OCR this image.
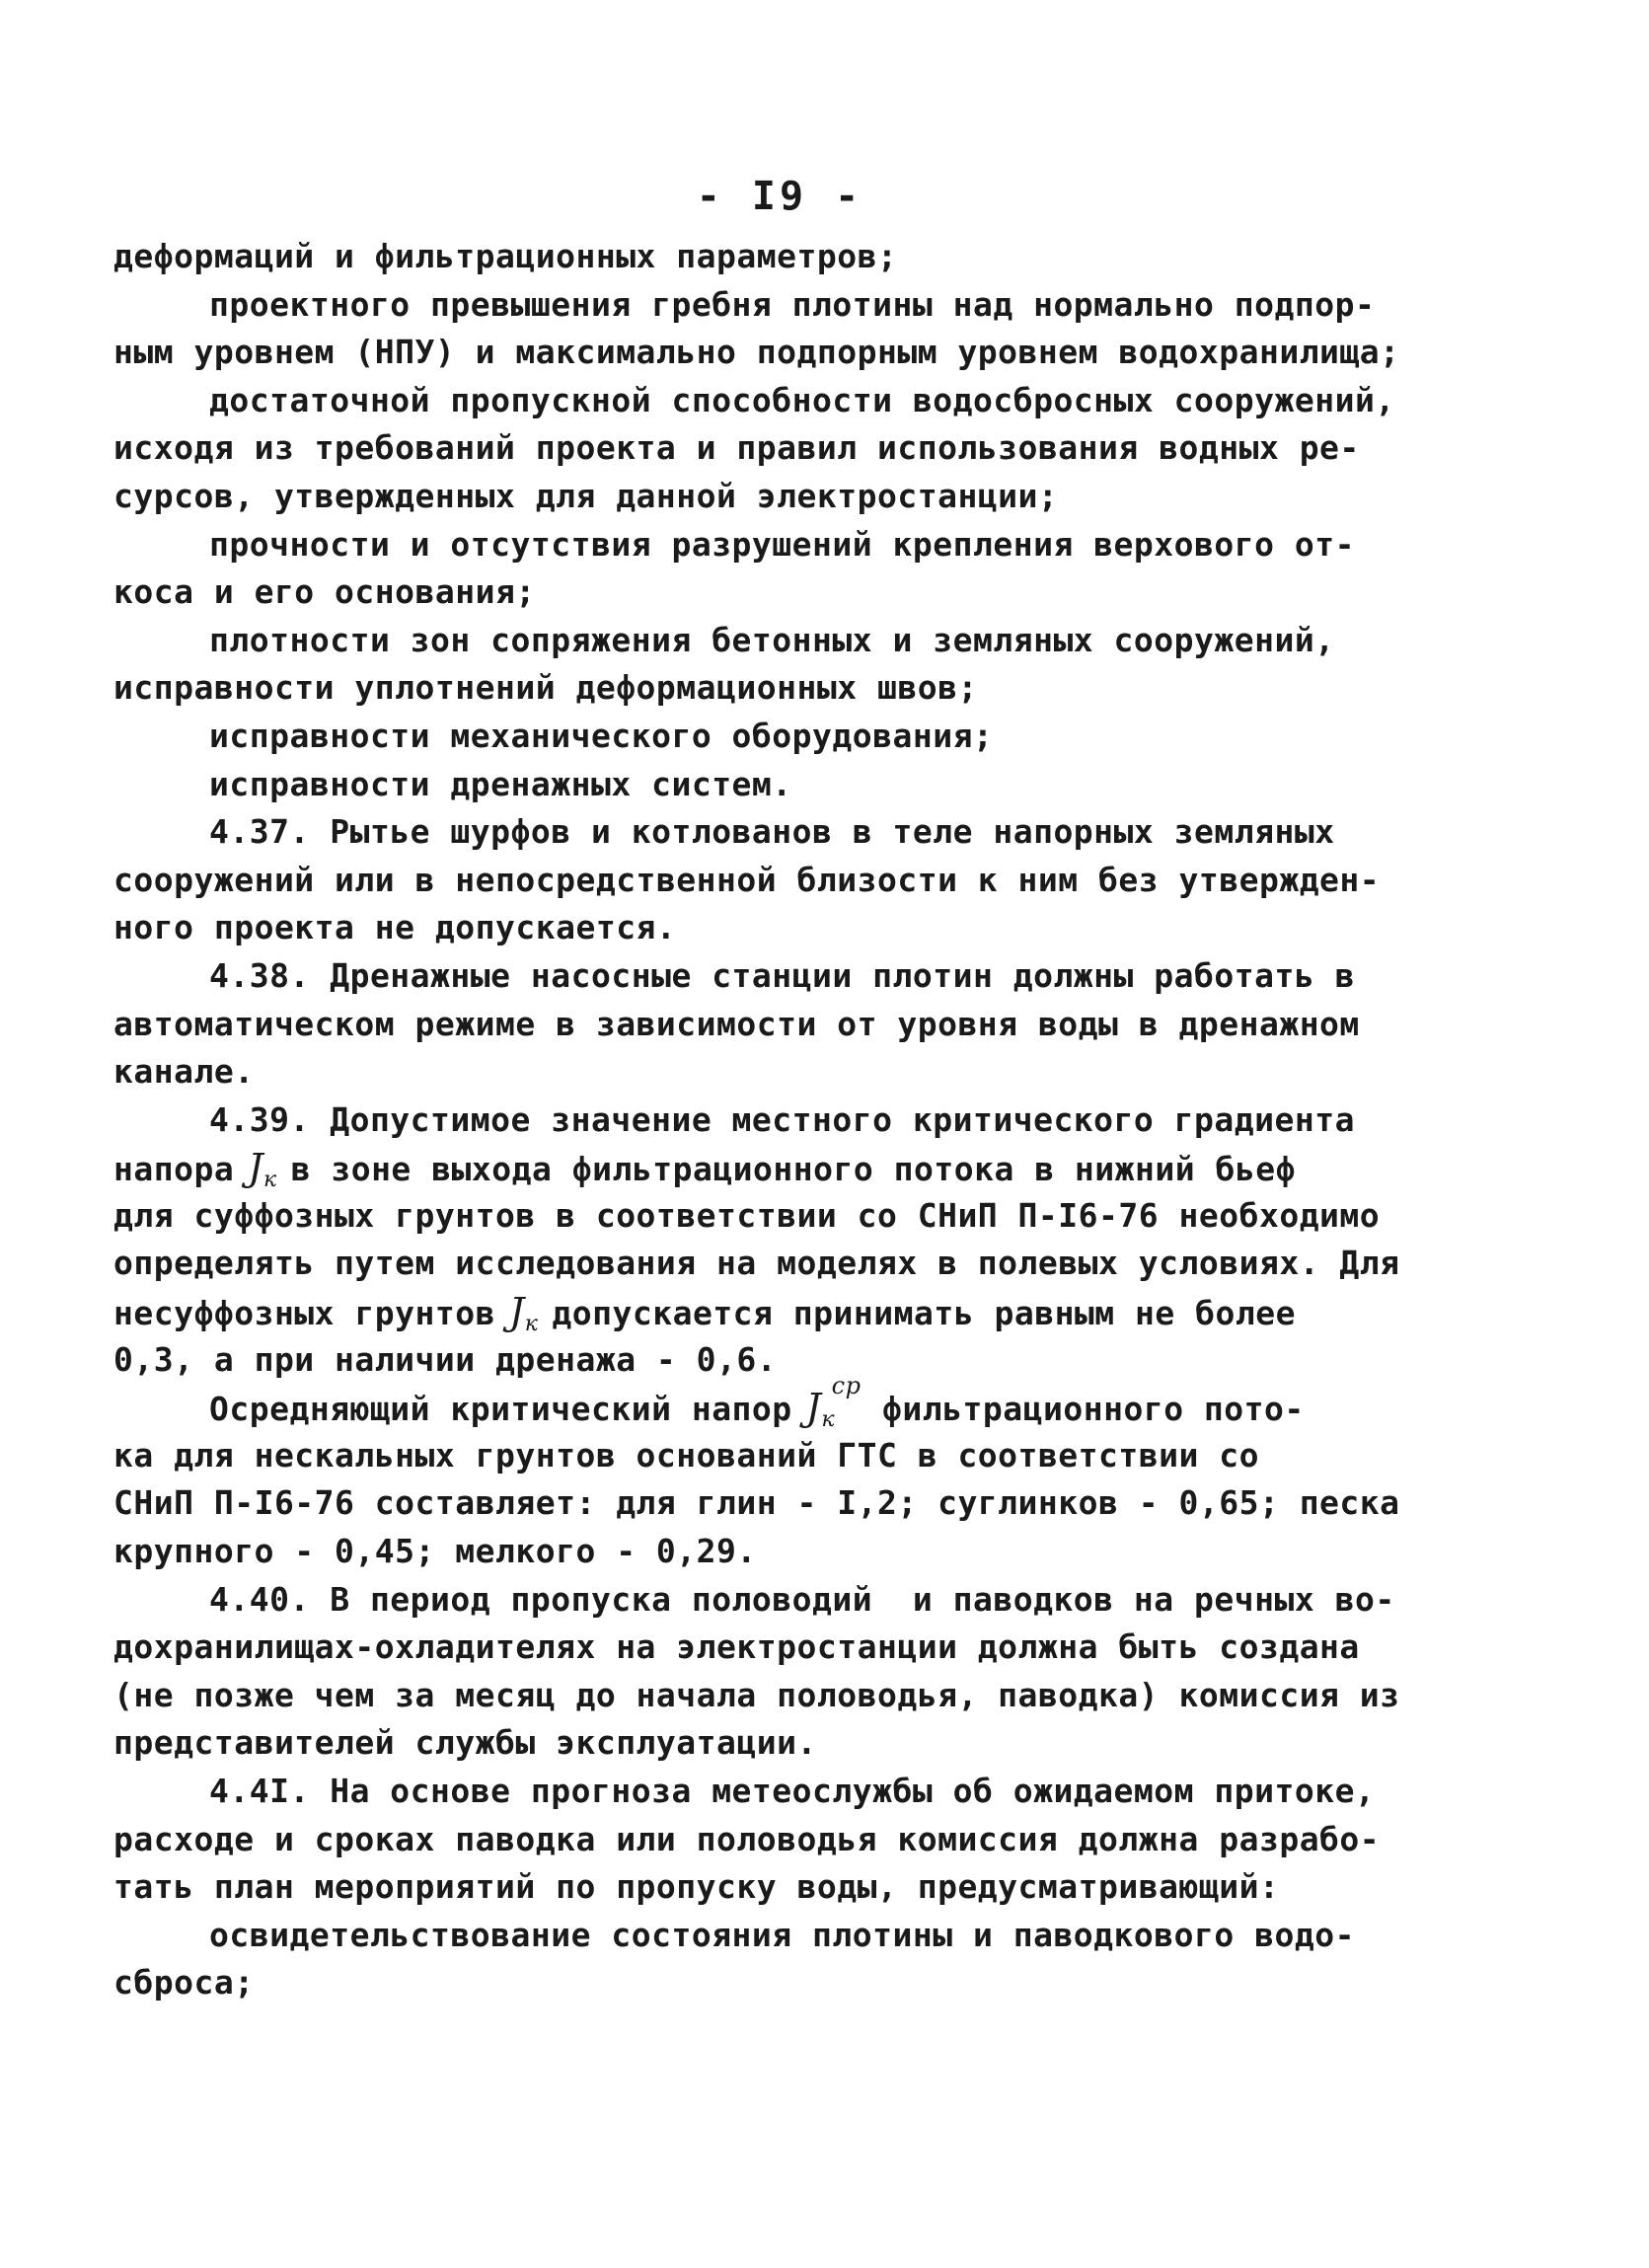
- I9 -
деформаций и фильтрационных параметров;
проектного превышения гребня плотины над нормально подпор-
ным уровнем (НПУ) и максимально подпорным уровнем водохранилища;
достаточной пропускной способности водосбросных сооружений,
исходя из требований проекта и правил использования водных ре-
сурсов, утвержденных для данной электростанции;
прочности и отсутствия разрушений крепления верхового от-
коса и его основания;
плотности зон сопряжения бетонных и земляных сооружений,
исправности уплотнений деформационных швов;
исправности механического оборудования;
исправности дренажных систем.
4.37. Рытье шурфов и котлованов в теле напорных земляных
сооружений или в непосредственной близости к ним без утвержден-
ного проекта не допускается.
4.38. Дренажные насосные станции плотин должны работать в
автоматическом режиме в зависимости от уровня воды в дренажном
канале.
4.39. Допустимое значение местного критического градиента
напора $J_к$ в зоне выхода фильтрационного потока в нижний бьеф
для суффозных грунтов в соответствии со СНиП П-I6-76 необходимо
определять путем исследования на моделях в полевых условиях. Для
несуффозных грунтов $J_к$ допускается принимать равным не более
0,3, а при наличии дренажа - 0,6.
Осредняющий критический напор $J_к$
ср
фильтрационного пото-
ка для нескальных грунтов оснований ГТС в соответствии со
СНиП П-I6-76 составляет: для глин - I,2; суглинков - 0,65; песка
крупного - 0,45; мелкого - 0,29.
4.40. В период пропуска половодий  и паводков на речных во-
дохранилищах-охладителях на электростанции должна быть создана
(не позже чем за месяц до начала половодья, паводка) комиссия из
представителей службы эксплуатации.
4.4I. На основе прогноза метеослужбы об ожидаемом притоке,
расходе и сроках паводка или половодья комиссия должна разрабо-
тать план мероприятий по пропуску воды, предусматривающий:
освидетельствование состояния плотины и паводкового водо-
сброса;
